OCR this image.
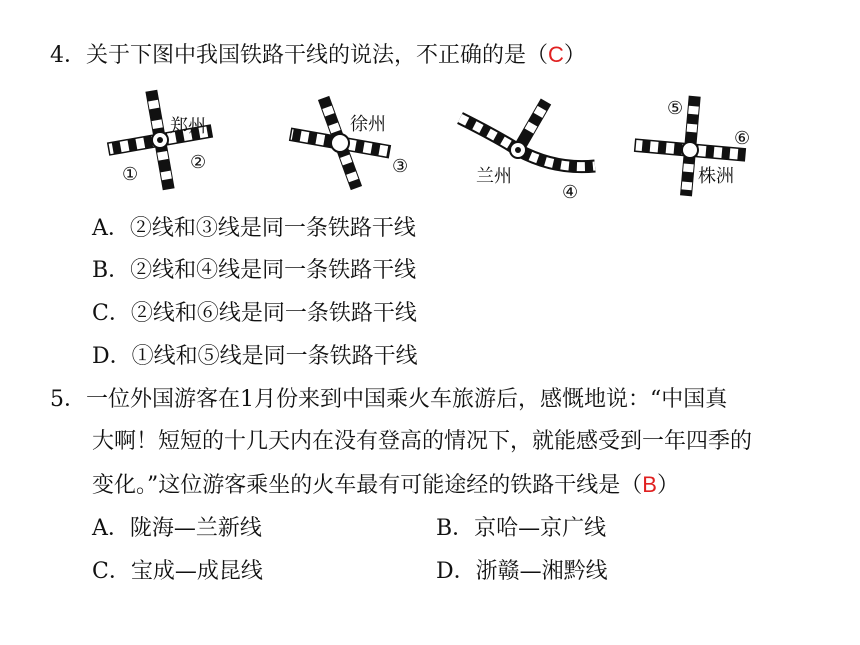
4．关于下图中我国铁路干线的说法，不正确的是（C）
郑州
①
②
徐州
③	兰州
④
⑤
⑥
株洲
A．②线和③线是同一条铁路干线
B．②线和④线是同一条铁路干线
C．②线和⑥线是同一条铁路干线
D．①线和⑤线是同一条铁路干线
5．一位外国游客在1月份来到中国乘火车旅游后，感慨地说：“中国真
大啊！短短的十几天内在没有登高的情况下，就能感受到一年四季的
变化。”这位游客乘坐的火车最有可能途经的铁路干线是（B）
A．陇海—兰新线	B．京哈—京广线
C．宝成—成昆线	D．浙赣—湘黔线
